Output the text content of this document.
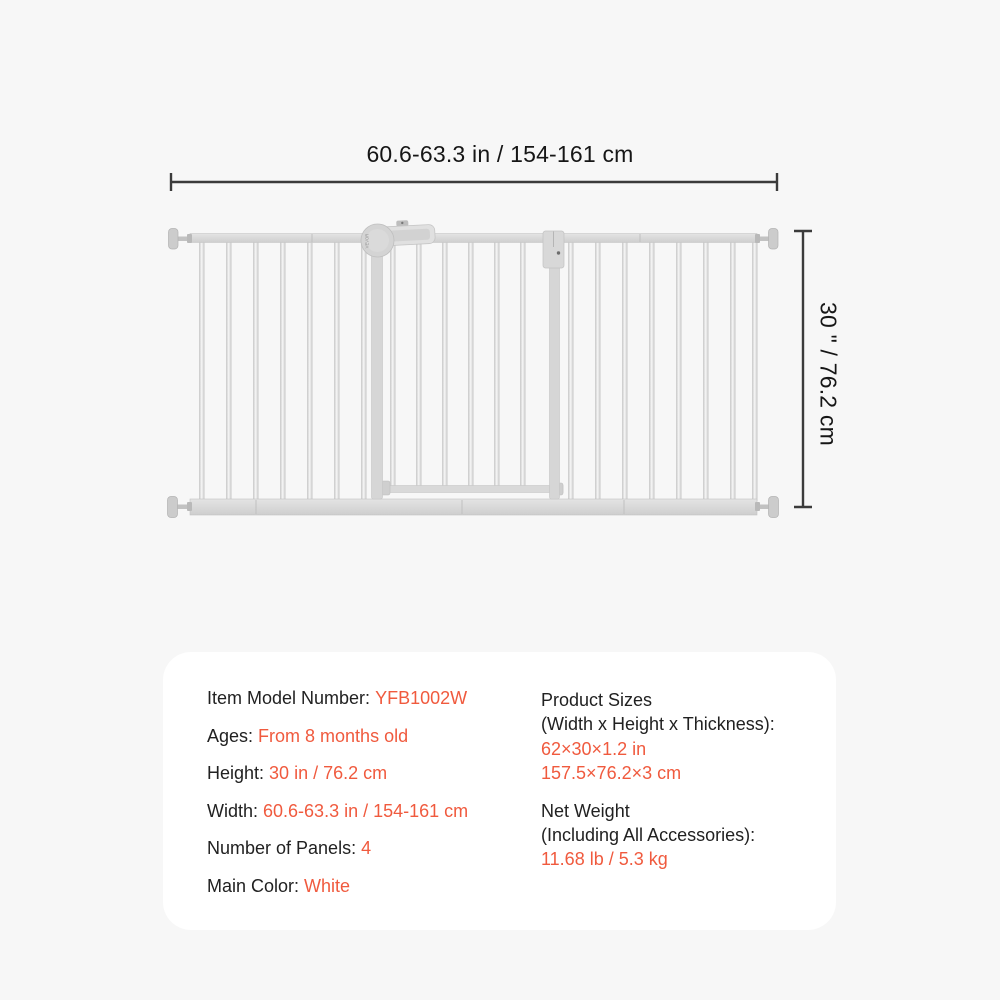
VEVOR
60.6-63.3 in / 154-161 cm
30 " / 76.2 cm

Item Model Number: YFB1002W

Ages: From 8 months old

Height: 30 in / 76.2 cm

Width: 60.6-63.3 in / 154-161 cm

Number of Panels: 4

Main Color: White

Product Sizes

(Width x Height x Thickness):

62×30×1.2 in

157.5×76.2×3 cm

Net Weight

(Including All Accessories):

11.68 lb / 5.3 kg
